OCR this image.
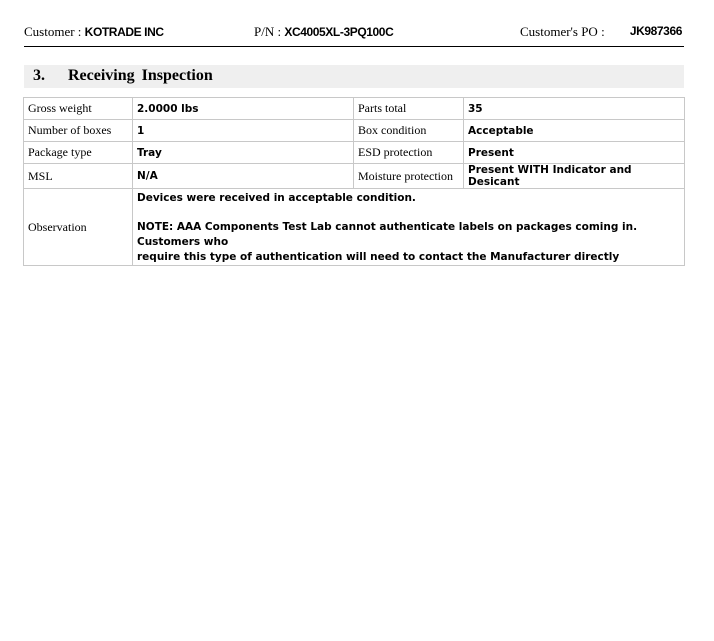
Customer : KOTRADE INC	P/N : XC4005XL-3PQ100C	Customer's PO : JK987366
3. Receiving Inspection
Gross weight	2.0000 lbs	Parts total	35
Number of boxes	1	Box condition	Acceptable
Package type	Tray	ESD protection	Present
MSL	N/A	Moisture protection	Present WITH Indicator and Desicant
Observation	Devices were received in acceptable condition.
NOTE: AAA Components Test Lab cannot authenticate labels on packages coming in. Customers who
require this type of authentication will need to contact the Manufacturer directly		
